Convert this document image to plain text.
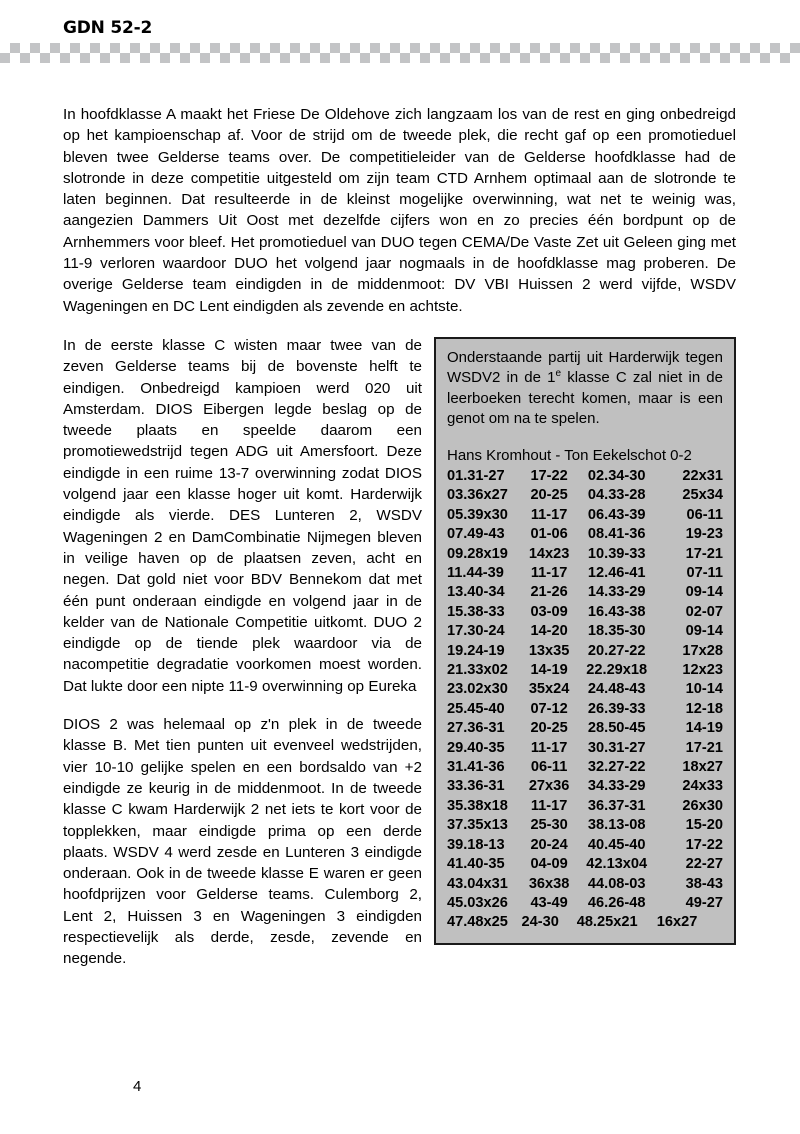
GDN 52-2

In hoofdklasse A maakt het Friese De Oldehove zich langzaam los van de rest en ging onbedreigd op het kampioenschap af. Voor de strijd om de tweede plek, die recht gaf op een promotieduel bleven twee Gelderse teams over. De competitieleider van de Gelderse hoofdklasse had de slotronde in deze competitie uitgesteld om zijn team CTD Arnhem optimaal aan de slotronde te laten beginnen. Dat resulteerde in de kleinst mogelijke overwinning, wat net te weinig was, aangezien Dammers Uit Oost met dezelfde cijfers won en zo precies één bordpunt op de Arnhemmers voor bleef. Het promotieduel van DUO tegen CEMA/De Vaste Zet uit Geleen ging met 11-9 verloren waardoor DUO het volgend jaar nogmaals in de hoofdklasse mag proberen. De overige Gelderse team eindigden in de middenmoot: DV VBI Huissen 2 werd vijfde, WSDV Wageningen en DC Lent eindigden als zevende en achtste.

Onderstaande partij uit Harderwijk tegen WSDV2 in de 1e klasse C zal niet in de leerboeken terecht komen, maar is een genot om na te spelen.

Hans Kromhout - Ton Eekelschot 0-2

01.31-27	17-22	02.34-30	22x31
03.36x27	20-25	04.33-28	25x34
05.39x30	11-17	06.43-39	06-11
07.49-43	01-06	08.41-36	19-23
09.28x19	14x23	10.39-33	17-21
11.44-39	11-17	12.46-41	07-11
13.40-34	21-26	14.33-29	09-14
15.38-33	03-09	16.43-38	02-07
17.30-24	14-20	18.35-30	09-14
19.24-19	13x35	20.27-22	17x28
21.33x02	14-19	22.29x18	12x23
23.02x30	35x24	24.48-43	10-14
25.45-40	07-12	26.39-33	12-18
27.36-31	20-25	28.50-45	14-19
29.40-35	11-17	30.31-27	17-21
31.41-36	06-11	32.27-22	18x27
33.36-31	27x36	34.33-29	24x33
35.38x18	11-17	36.37-31	26x30
37.35x13	25-30	38.13-08	15-20
39.18-13	20-24	40.45-40	17-22
41.40-35	04-09	42.13x04	22-27
43.04x31	36x38	44.08-03	38-43
45.03x26	43-49	46.26-48	49-27
47.48x25	24-30	48.25x21	16x27

In de eerste klasse C wisten maar twee van de zeven Gelderse teams bij de bovenste helft te eindigen. Onbedreigd kampioen werd 020 uit Amsterdam. DIOS Eibergen legde beslag op de tweede plaats en speelde daarom een promotiewedstrijd tegen ADG uit Amersfoort. Deze eindigde in een ruime 13-7 overwinning zodat DIOS volgend jaar een klasse hoger uit komt. Harderwijk eindigde als vierde. DES Lunteren 2, WSDV Wageningen 2 en DamCombinatie Nijmegen bleven in veilige haven op de plaatsen zeven, acht en negen. Dat gold niet voor BDV Bennekom dat met één punt onderaan eindigde en volgend jaar in de kelder van de Nationale Competitie uitkomt. DUO 2 eindigde op de tiende plek waardoor via de nacompetitie degradatie voorkomen moest worden. Dat lukte door een nipte 11-9 overwinning op Eureka

DIOS 2 was helemaal op z'n plek in de tweede klasse B. Met tien punten uit evenveel wedstrijden, vier 10-10 gelijke spelen en een bordsaldo van +2 eindigde ze keurig in de middenmoot. In de tweede klasse C kwam Harderwijk 2 net iets te kort voor de topplekken, maar eindigde prima op een derde plaats. WSDV 4 werd zesde en Lunteren 3 eindigde onderaan. Ook in de tweede klasse E waren er geen hoofdprijzen voor Gelderse teams. Culemborg 2, Lent 2, Huissen 3 en Wageningen 3 eindigden respectievelijk als derde, zesde, zevende en negende.

4
